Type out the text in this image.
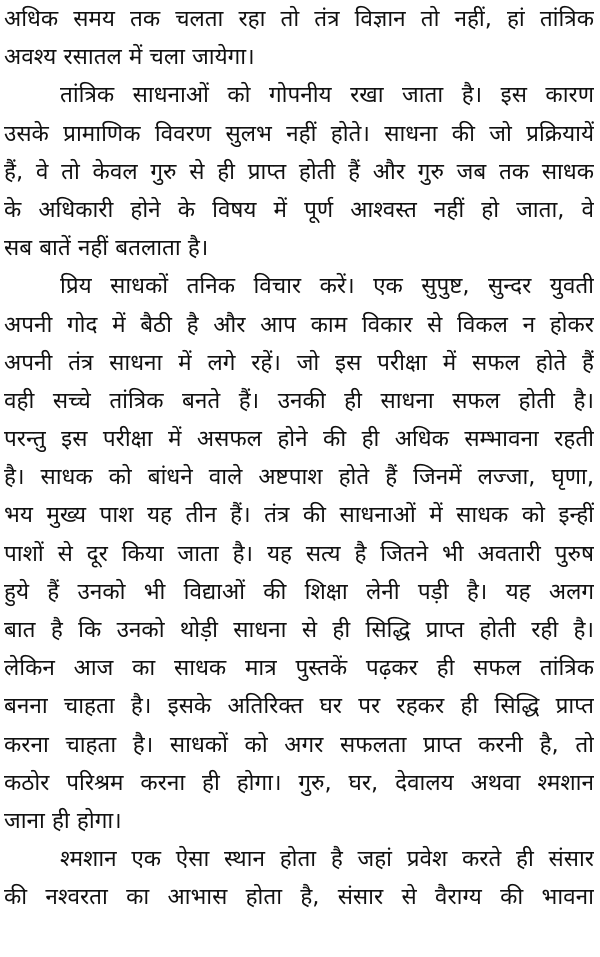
अधिक समय तक चलता रहा तो तंत्र विज्ञान तो नहीं, हां तांत्रिक
अवश्य रसातल में चला जायेगा।
तांत्रिक साधनाओं को गोपनीय रखा जाता है। इस कारण
उसके प्रामाणिक विवरण सुलभ नहीं होते। साधना की जो प्रक्रियायें
हैं, वे तो केवल गुरु से ही प्राप्त होती हैं और गुरु जब तक साधक
के अधिकारी होने के विषय में पूर्ण आश्वस्त नहीं हो जाता, वे
सब बातें नहीं बतलाता है।
प्रिय साधकों तनिक विचार करें। एक सुपुष्ट, सुन्दर युवती
अपनी गोद में बैठी है और आप काम विकार से विकल न होकर
अपनी तंत्र साधना में लगे रहें। जो इस परीक्षा में सफल होते हैं
वही सच्चे तांत्रिक बनते हैं। उनकी ही साधना सफल होती है।
परन्तु इस परीक्षा में असफल होने की ही अधिक सम्भावना रहती
है। साधक को बांधने वाले अष्टपाश होते हैं जिनमें लज्जा, घृणा,
भय मुख्य पाश यह तीन हैं। तंत्र की साधनाओं में साधक को इन्हीं
पाशों से दूर किया जाता है। यह सत्य है जितने भी अवतारी पुरुष
हुये हैं उनको भी विद्याओं की शिक्षा लेनी पड़ी है। यह अलग
बात है कि उनको थोड़ी साधना से ही सिद्धि प्राप्त होती रही है।
लेकिन आज का साधक मात्र पुस्तकें पढ़कर ही सफल तांत्रिक
बनना चाहता है। इसके अतिरिक्त घर पर रहकर ही सिद्धि प्राप्त
करना चाहता है। साधकों को अगर सफलता प्राप्त करनी है, तो
कठोर परिश्रम करना ही होगा। गुरु, घर, देवालय अथवा श्मशान
जाना ही होगा।
श्मशान एक ऐसा स्थान होता है जहां प्रवेश करते ही संसार
की नश्वरता का आभास होता है, संसार से वैराग्य की भावना
